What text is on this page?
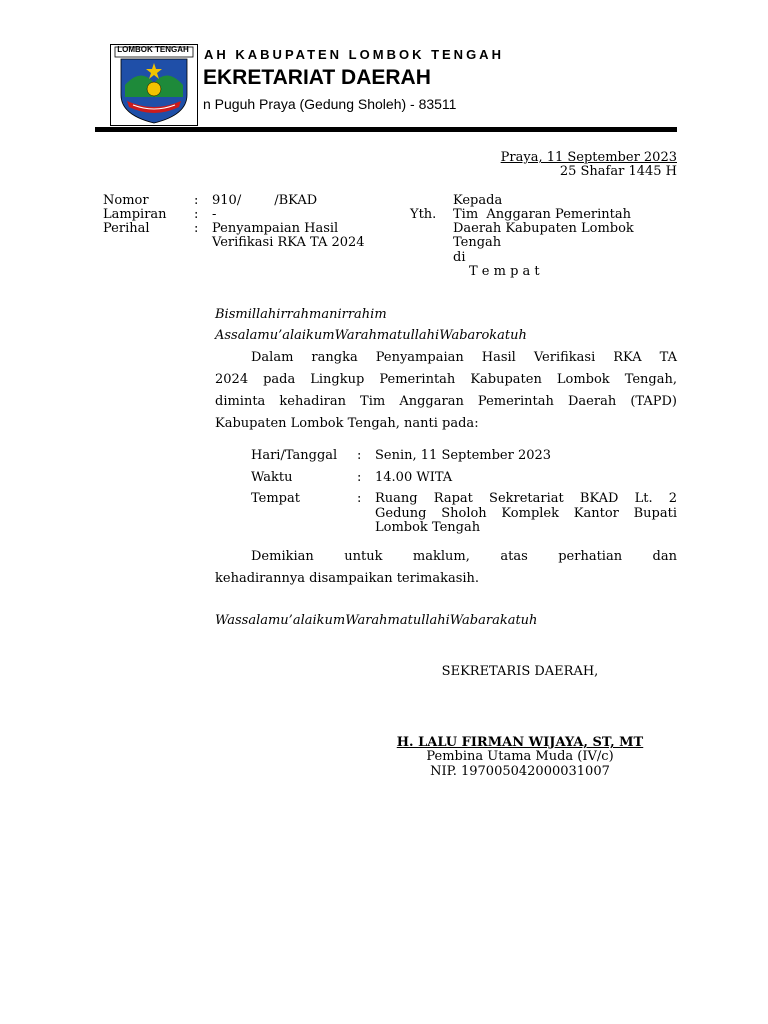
LOMBOK TENGAH	AH KABUPATEN LOMBOK TENGAH
EKRETARIAT DAERAH
n Puguh Praya (Gedung Sholeh) - 83511
Praya, 11 September 2023
25 Shafar 1445 H
Nomor	: 910/        /BKAD
Lampiran : -
Perihal	: Penyampaian Hasil
Verifikasi RKA TA 2024
Kepada
Yth. Tim  Anggaran Pemerintah
Daerah Kabupaten Lombok
Tengah
di
T e m p a t
Bismillahirrahmanirrahim
Assalamu’alaikumWarahmatullahiWabarokatuh
Dalam rangka Penyampaian Hasil Verifikasi RKA TA
2024 pada Lingkup Pemerintah Kabupaten Lombok Tengah,
diminta kehadiran Tim Anggaran Pemerintah Daerah (TAPD)
Kabupaten Lombok Tengah, nanti pada:
Hari/Tanggal : Senin, 11 September 2023
Waktu	: 14.00 WITA
Tempat	: Ruang Rapat Sekretariat BKAD Lt. 2
Gedung Sholoh Komplek Kantor Bupati
Lombok Tengah
Demikian untuk maklum, atas perhatian dan
kehadirannya disampaikan terimakasih.
Wassalamu’alaikumWarahmatullahiWabarakatuh
SEKRETARIS DAERAH,
H. LALU FIRMAN WIJAYA, ST, MT
Pembina Utama Muda (IV/c)
NIP. 197005042000031007
